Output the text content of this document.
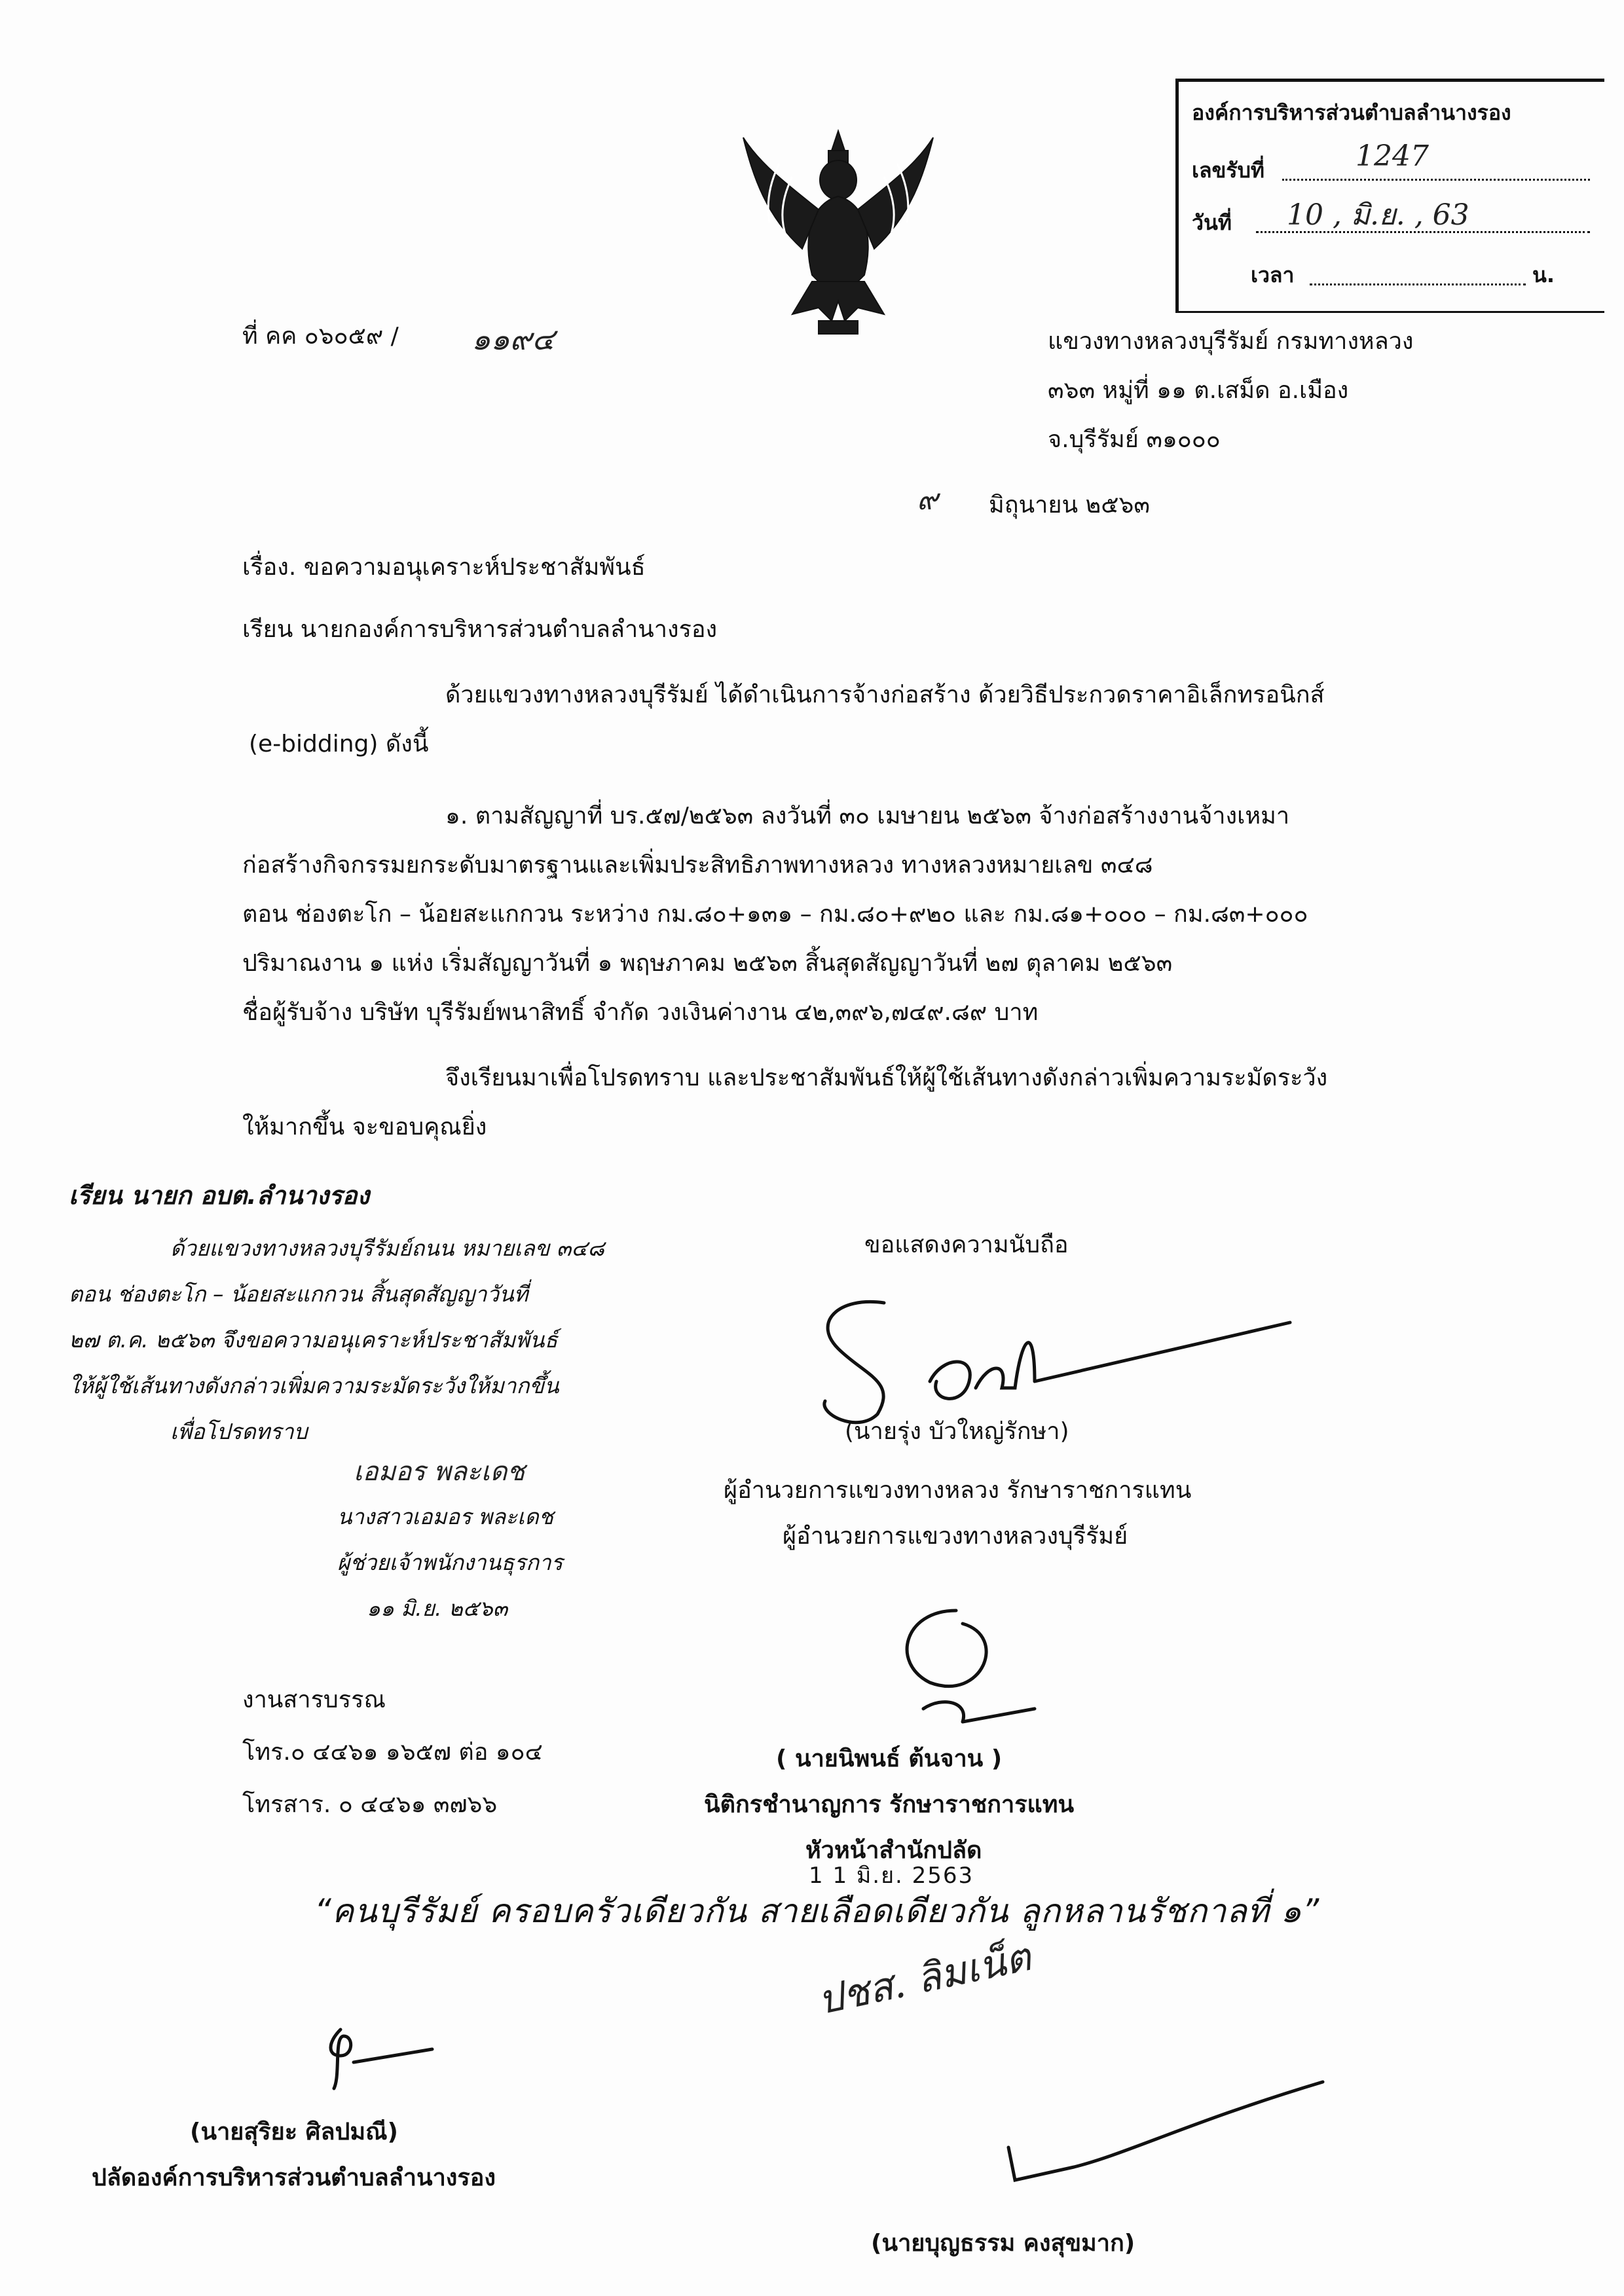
องค์การบริหารส่วนตำบลลำนางรอง
เลขรับที่	1247
วันที่ 10 , มิ.ย. , 63
เวลา	น.
ที่ คค ๐๖๐๕๙ / ๑๑๙๔	แขวงทางหลวงบุรีรัมย์ กรมทางหลวง
๓๖๓ หมู่ที่ ๑๑ ต.เสม็ด อ.เมือง
จ.บุรีรัมย์ ๓๑๐๐๐
๙ มิถุนายน ๒๕๖๓
เรื่อง. ขอความอนุเคราะห์ประชาสัมพันธ์
เรียน นายกองค์การบริหารส่วนตำบลลำนางรอง
ด้วยแขวงทางหลวงบุรีรัมย์ ได้ดำเนินการจ้างก่อสร้าง ด้วยวิธีประกวดราคาอิเล็กทรอนิกส์
(e-bidding) ดังนี้
๑. ตามสัญญาที่ บร.๕๗/๒๕๖๓ ลงวันที่ ๓๐ เมษายน ๒๕๖๓ จ้างก่อสร้างงานจ้างเหมา
ก่อสร้างกิจกรรมยกระดับมาตรฐานและเพิ่มประสิทธิภาพทางหลวง ทางหลวงหมายเลข ๓๔๘
ตอน ช่องตะโก – น้อยสะแกกวน ระหว่าง กม.๘๐+๑๓๑ – กม.๘๐+๙๒๐ และ กม.๘๑+๐๐๐ – กม.๘๓+๐๐๐
ปริมาณงาน ๑ แห่ง เริ่มสัญญาวันที่ ๑ พฤษภาคม ๒๕๖๓ สิ้นสุดสัญญาวันที่ ๒๗ ตุลาคม ๒๕๖๓
ชื่อผู้รับจ้าง บริษัท บุรีรัมย์พนาสิทธิ์ จำกัด วงเงินค่างาน ๔๒,๓๙๖,๗๔๙.๘๙ บาท
จึงเรียนมาเพื่อโปรดทราบ และประชาสัมพันธ์ให้ผู้ใช้เส้นทางดังกล่าวเพิ่มความระมัดระวัง
ให้มากขึ้น จะขอบคุณยิ่ง
เรียน นายก อบต.ลำนางรอง
ด้วยแขวงทางหลวงบุรีรัมย์ถนน หมายเลข ๓๔๘
ตอน ช่องตะโก – น้อยสะแกกวน สิ้นสุดสัญญาวันที่
๒๗ ต.ค. ๒๕๖๓ จึงขอความอนุเคราะห์ประชาสัมพันธ์
ให้ผู้ใช้เส้นทางดังกล่าวเพิ่มความระมัดระวังให้มากขึ้น
เพื่อโปรดทราบ
เอมอร พละเดช
นางสาวเอมอร พละเดช
ผู้ช่วยเจ้าพนักงานธุรการ
๑๑ มิ.ย. ๒๕๖๓
ขอแสดงความนับถือ
(นายรุ่ง บัวใหญ่รักษา)
ผู้อำนวยการแขวงทางหลวง รักษาราชการแทน
ผู้อำนวยการแขวงทางหลวงบุรีรัมย์
งานสารบรรณ
โทร.๐ ๔๔๖๑ ๑๖๕๗ ต่อ ๑๐๔
โทรสาร. ๐ ๔๔๖๑ ๓๗๖๖
( นายนิพนธ์ ต้นจาน )
นิติกรชำนาญการ รักษาราชการแทน
หัวหน้าสำนักปลัด
1 1 มิ.ย. 2563
“คนบุรีรัมย์ ครอบครัวเดียวกัน สายเลือดเดียวกัน ลูกหลานรัชกาลที่ ๑”
ปชส. ลิมเน็ต
(นายสุริยะ ศิลปมณี)
ปลัดองค์การบริหารส่วนตำบลลำนางรอง
(นายบุญธรรม คงสุขมาก)
